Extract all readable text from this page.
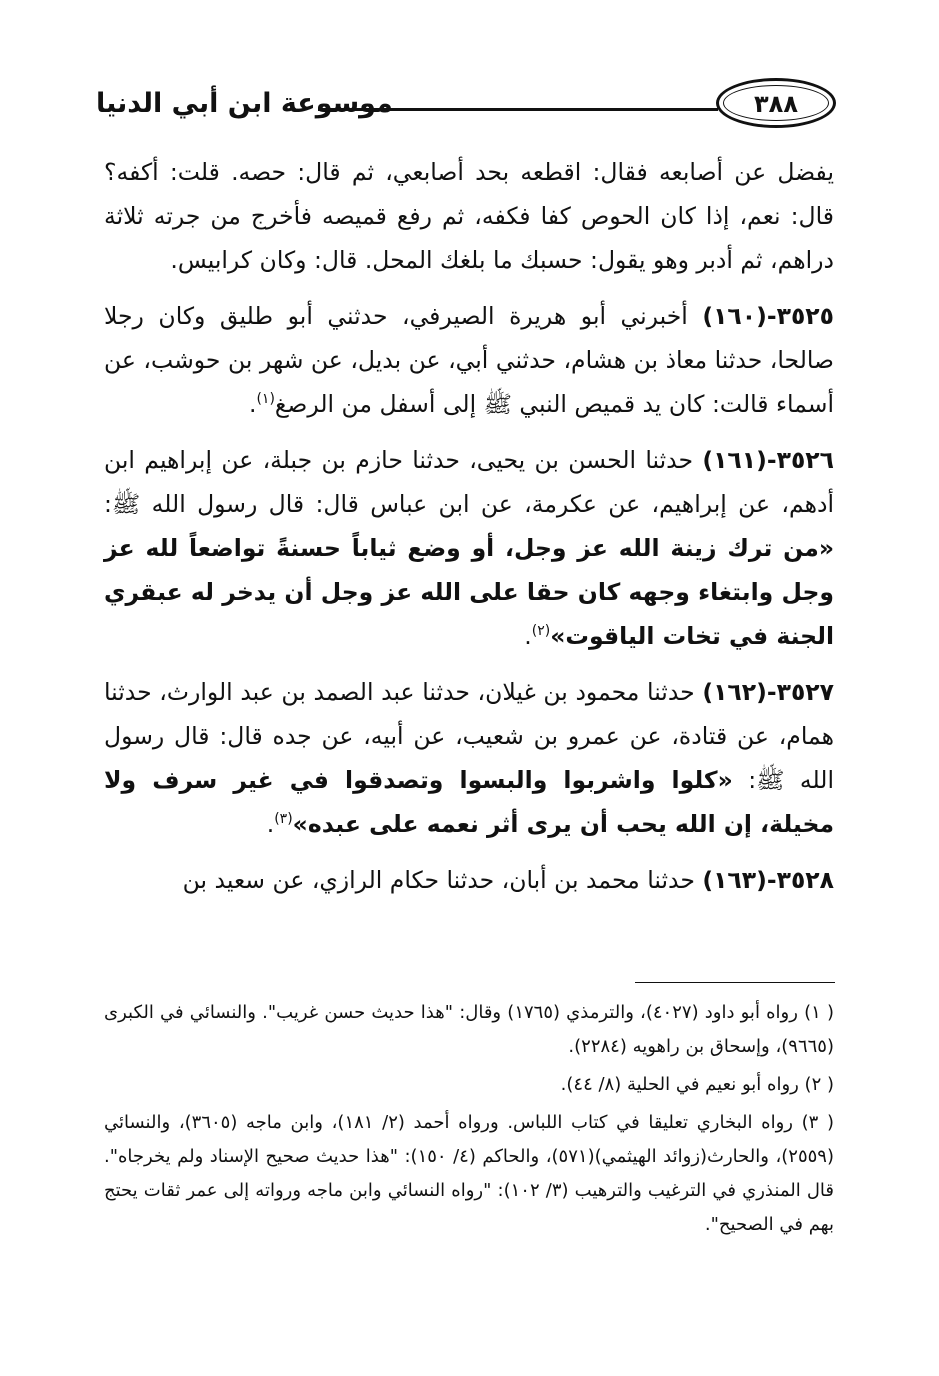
موسوعة ابن أبي الدنيا	٣٨٨

يفضل عن أصابعه فقال: اقطعه بحد أصابعي، ثم قال: حصه. قلت: أكفه؟ قال: نعم، إذا كان الحوص كفا فكفه، ثم رفع قميصه فأخرج من جرته ثلاثة دراهم، ثم أدبر وهو يقول: حسبك ما بلغك المحل. قال: وكان كرابيس.

٣٥٢٥-(١٦٠) أخبرني أبو هريرة الصيرفي، حدثني أبو طليق وكان رجلا صالحا، حدثنا معاذ بن هشام، حدثني أبي، عن بديل، عن شهر بن حوشب، عن أسماء قالت: كان يد قميص النبي ﷺ إلى أسفل من الرصغ$^{(١)}$.

٣٥٢٦-(١٦١) حدثنا الحسن بن يحيى، حدثنا حازم بن جبلة، عن إبراهيم ابن أدهم، عن إبراهيم، عن عكرمة، عن ابن عباس قال: قال رسول الله ﷺ: «من ترك زينة الله عز وجل، أو وضع ثياباً حسنةً تواضعاً لله عز وجل وابتغاء وجهه كان حقا على الله عز وجل أن يدخر له عبقري الجنة في تخات الياقوت»$^{(٢)}$.

٣٥٢٧-(١٦٢) حدثنا محمود بن غيلان، حدثنا عبد الصمد بن عبد الوارث، حدثنا همام، عن قتادة، عن عمرو بن شعيب، عن أبيه، عن جده قال: قال رسول الله ﷺ: «كلوا واشربوا والبسوا وتصدقوا في غير سرف ولا مخيلة، إن الله يحب أن يرى أثر نعمه على عبده»$^{(٣)}$.

٣٥٢٨-(١٦٣) حدثنا محمد بن أبان، حدثنا حكام الرازي، عن سعيد بن

( ١) رواه أبو داود (٤٠٢٧)، والترمذي (١٧٦٥) وقال: "هذا حديث حسن غريب". والنسائي في الكبرى (٩٦٦٥)، وإسحاق بن راهويه (٢٢٨٤).

( ٢) رواه أبو نعيم في الحلية (٨/ ٤٤).

( ٣) رواه البخاري تعليقا في كتاب اللباس. ورواه أحمد (٢/ ١٨١)، وابن ماجه (٣٦٠٥)، والنسائي (٢٥٥٩)، والحارث(زوائد الهيثمي)(٥٧١)، والحاكم (٤/ ١٥٠): "هذا حديث صحيح الإسناد ولم يخرجاه". قال المنذري في الترغيب والترهيب (٣/ ١٠٢): "رواه النسائي وابن ماجه ورواته إلى عمر ثقات يحتج بهم في الصحيح".
